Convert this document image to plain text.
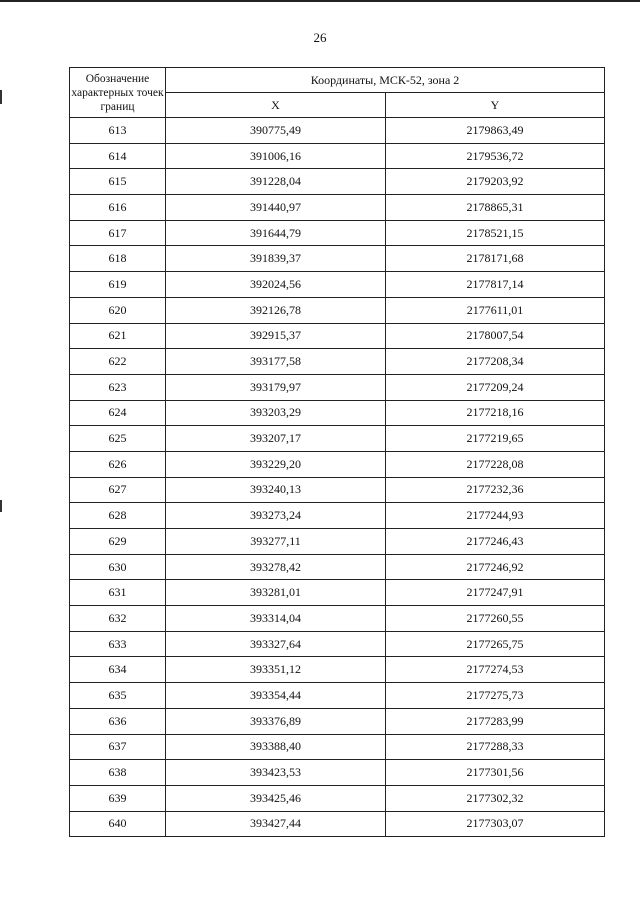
26
Обозначение характерных точек границ	Координаты, МСК-52, зона 2	
	X	Y
613	390775,49	2179863,49
614	391006,16	2179536,72
615	391228,04	2179203,92
616	391440,97	2178865,31
617	391644,79	2178521,15
618	391839,37	2178171,68
619	392024,56	2177817,14
620	392126,78	2177611,01
621	392915,37	2178007,54
622	393177,58	2177208,34
623	393179,97	2177209,24
624	393203,29	2177218,16
625	393207,17	2177219,65
626	393229,20	2177228,08
627	393240,13	2177232,36
628	393273,24	2177244,93
629	393277,11	2177246,43
630	393278,42	2177246,92
631	393281,01	2177247,91
632	393314,04	2177260,55
633	393327,64	2177265,75
634	393351,12	2177274,53
635	393354,44	2177275,73
636	393376,89	2177283,99
637	393388,40	2177288,33
638	393423,53	2177301,56
639	393425,46	2177302,32
640	393427,44	2177303,07
